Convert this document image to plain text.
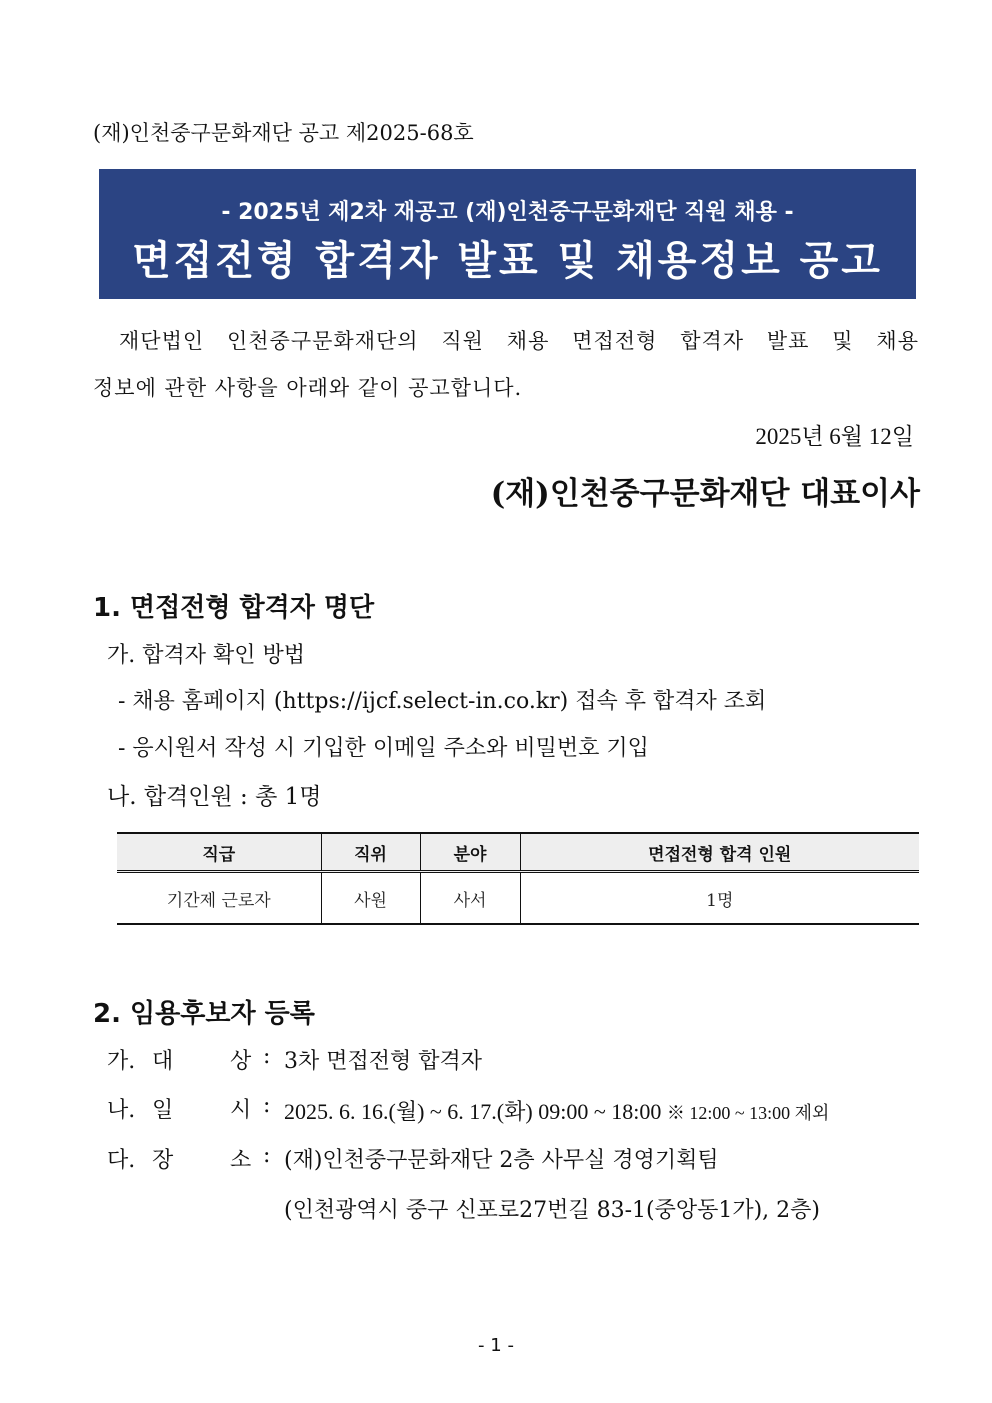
(재)인천중구문화재단 공고 제2025-68호
- 2025년 제2차 재공고 (재)인천중구문화재단 직원 채용 -
면접전형 합격자 발표 및 채용정보 공고
재단법인 인천중구문화재단의 직원 채용 면접전형 합격자 발표 및 채용
정보에 관한 사항을 아래와 같이 공고합니다.
2025년 6월 12일
(재)인천중구문화재단 대표이사
1. 면접전형 합격자 명단
가. 합격자 확인 방법
- 채용 홈페이지 (https://ijcf.select-in.co.kr) 접속 후 합격자 조회
- 응시원서 작성 시 기입한 이메일 주소와 비밀번호 기입
나. 합격인원 : 총 1명
직급	직위	분야	면접전형 합격 인원
기간제 근로자	사원	사서	1명
2. 임용후보자 등록
가. 대	상 : 3차 면접전형 합격자
나. 일	시 : 2025. 6. 16.(월) ~ 6. 17.(화) 09:00 ~ 18:00 ※ 12:00 ~ 13:00 제외
다. 장	소 : (재)인천중구문화재단 2층 사무실 경영기획팀
(인천광역시 중구 신포로27번길 83-1(중앙동1가), 2층)
- 1 -
